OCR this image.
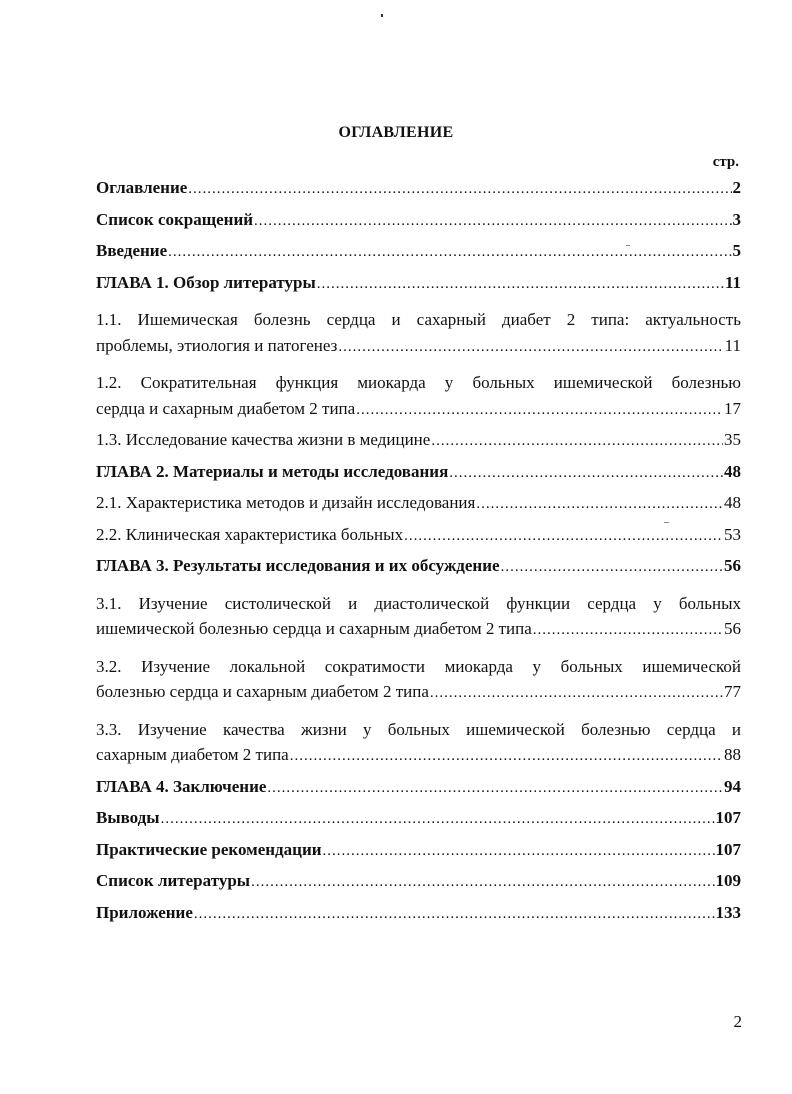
ОГЛАВЛЕНИЕ
стр.
Оглавление .....	2
Список сокращений .....	3
Введение .....	5
ГЛАВА 1. Обзор литературы .....	11
1.1. Ишемическая болезнь сердца и сахарный диабет 2 типа: актуальность
проблемы, этиология и патогенез .....	11
1.2. Сократительная функция миокарда у больных ишемической болезнью
сердца и сахарным диабетом 2 типа .....	17
1.3. Исследование качества жизни в медицине .....	35
ГЛАВА 2. Материалы и методы исследования .....	48
2.1. Характеристика методов и дизайн исследования .....	48
2.2. Клиническая характеристика больных .....	53
ГЛАВА 3. Результаты исследования и их обсуждение .....	56
3.1. Изучение систолической и диастолической функции сердца у больных
ишемической болезнью сердца и сахарным диабетом 2 типа .....	56
3.2. Изучение локальной сократимости миокарда у больных ишемической
болезнью сердца и сахарным диабетом 2 типа .....	77
3.3. Изучение качества жизни у больных ишемической болезнью сердца и
сахарным диабетом 2 типа .....	88
ГЛАВА 4. Заключение .....	94
Выводы .....	107
Практические рекомендации .....	107
Список литературы .....	109
Приложение .....	133
2
